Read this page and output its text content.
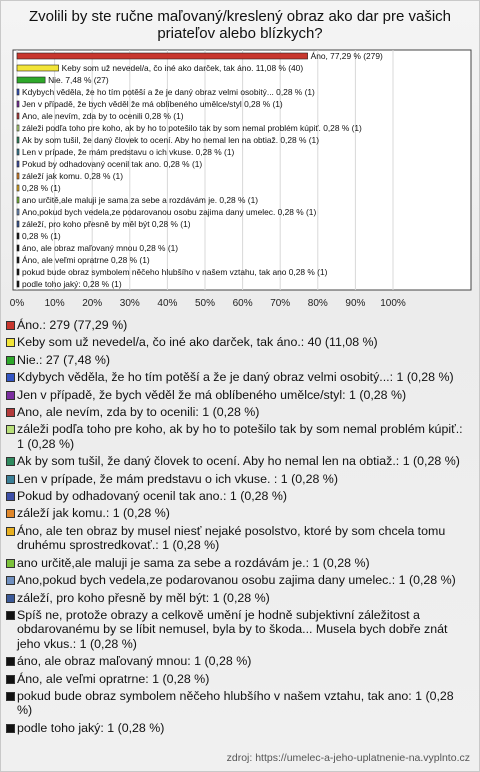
Zvolili by ste ručne maľovaný/kreslený obraz ako dar pre vašich priateľov alebo blízkych?
0% 10% 20% 30% 40% 50% 60% 70% 80% 90% 100%
Áno, 77,29 % (279)
Keby som už nevedel/a, čo iné ako darček, tak áno. 11,08 % (40)
Nie. 7,48 % (27)
Kdybych věděla, že ho tím potěší a že je daný obraz velmi osobitý... 0,28 % (1)
Jen v případě, že bych věděl že má oblíbeného umělce/styl 0,28 % (1)
Ano, ale nevím, zda by to ocenili 0,28 % (1)
záleži podľa toho pre koho, ak by ho to potešilo tak by som nemal problém kúpiť. 0,28 % (1)
Ak by som tušil, že daný človek to ocení. Aby ho nemal len na obtiaž. 0,28 % (1)
Len v prípade, že mám predstavu o ich vkuse. 0,28 % (1)
Pokud by odhadovaný ocenil tak ano. 0,28 % (1)
záleží jak komu. 0,28 % (1)
0,28 % (1)
ano určitě,ale maluji je sama za sebe a rozdávám je. 0,28 % (1)
Ano,pokud bych vedela,ze podarovanou osobu zajima dany umelec. 0,28 % (1)
záleží, pro koho přesně by měl být 0,28 % (1)
0,28 % (1)
áno, ale obraz maľovaný mnou 0,28 % (1)
Áno, ale veľmi opratrne 0,28 % (1)
pokud bude obraz symbolem něčeho hlubšího v našem vztahu, tak ano 0,28 % (1)
podle toho jaký: 0,28 % (1)
Áno.: 279 (77,29 %)
Keby som už nevedel/a, čo iné ako darček, tak áno.: 40 (11,08 %)
Nie.: 27 (7,48 %)
Kdybych věděla, že ho tím potěší a že je daný obraz velmi osobitý...: 1 (0,28 %)
Jen v případě, že bych věděl že má oblíbeného umělce/styl: 1 (0,28 %)
Ano, ale nevím, zda by to ocenili: 1 (0,28 %)
záleži podľa toho pre koho, ak by ho to potešilo tak by som nemal problém kúpiť.: 1 (0,28 %)
Ak by som tušil, že daný človek to ocení. Aby ho nemal len na obtiaž.: 1 (0,28 %)
Len v prípade, že mám predstavu o ich vkuse. : 1 (0,28 %)
Pokud by odhadovaný ocenil tak ano.: 1 (0,28 %)
záleží jak komu.: 1 (0,28 %)
Áno, ale ten obraz by musel niesť nejaké posolstvo, ktoré by som chcela tomu druhému sprostredkovať.: 1 (0,28 %)
ano určitě,ale maluji je sama za sebe a rozdávám je.: 1 (0,28 %)
Ano,pokud bych vedela,ze podarovanou osobu zajima dany umelec.: 1 (0,28 %)
záleží, pro koho přesně by měl být: 1 (0,28 %)
Spíš ne, protože obrazy a celkově umění je hodně subjektivní záležitost a obdarovanému by se líbit nemusel, byla by to škoda... Musela bych dobře znát jeho vkus.: 1 (0,28 %)
áno, ale obraz maľovaný mnou: 1 (0,28 %)
Áno, ale veľmi opratrne: 1 (0,28 %)
pokud bude obraz symbolem něčeho hlubšího v našem vztahu, tak ano: 1 (0,28 %)
podle toho jaký: 1 (0,28 %)
zdroj: https://umelec-a-jeho-uplatnenie-na.vyplnto.cz
